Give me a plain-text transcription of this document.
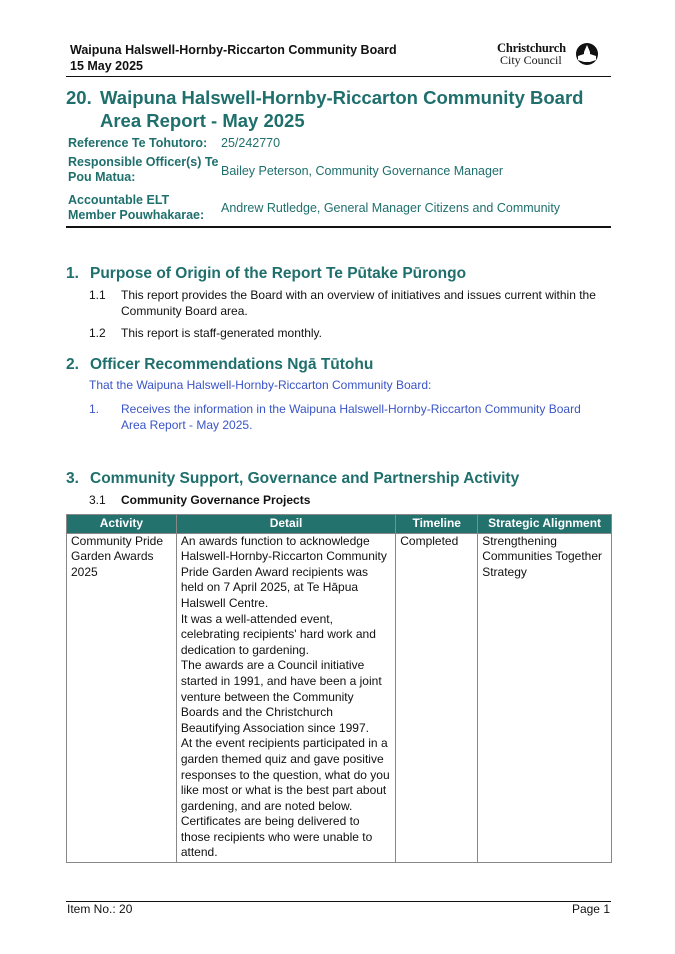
Waipuna Halswell-Hornby-Riccarton Community Board
15 May 2025
Christchurch
City Council
20. Waipuna Halswell-Hornby-Riccarton Community Board Area Report - May 2025
Reference Te Tohutoro: 25/242770
Responsible Officer(s) Te
Pou Matua:	Bailey Peterson, Community Governance Manager
Accountable ELT
Member Pouwhakarae: Andrew Rutledge, General Manager Citizens and Community
1. Purpose of Origin of the Report Te Pūtake Pūrongo
1.1 This report provides the Board with an overview of initiatives and issues current within the Community Board area.
1.2 This report is staff-generated monthly.
2. Officer Recommendations Ngā Tūtohu
That the Waipuna Halswell-Hornby-Riccarton Community Board:
1. Receives the information in the Waipuna Halswell-Hornby-Riccarton Community Board Area Report - May 2025.
3. Community Support, Governance and Partnership Activity
3.1 Community Governance Projects
Activity	Detail	Timeline	Strategic Alignment
Community Pride Garden Awards 2025	An awards function to acknowledge Halswell-Hornby-Riccarton Community Pride Garden Award recipients was held on 7 April 2025, at Te Hāpua Halswell Centre.
It was a well-attended event, celebrating recipients' hard work and dedication to gardening.
The awards are a Council initiative started in 1991, and have been a joint venture between the Community Boards and the Christchurch Beautifying Association since 1997.
At the event recipients participated in a garden themed quiz and gave positive responses to the question, what do you like most or what is the best part about gardening, and are noted below.
Certificates are being delivered to those recipients who were unable to attend.	Completed	Strengthening Communities Together Strategy
Item No.: 20	Page 1
